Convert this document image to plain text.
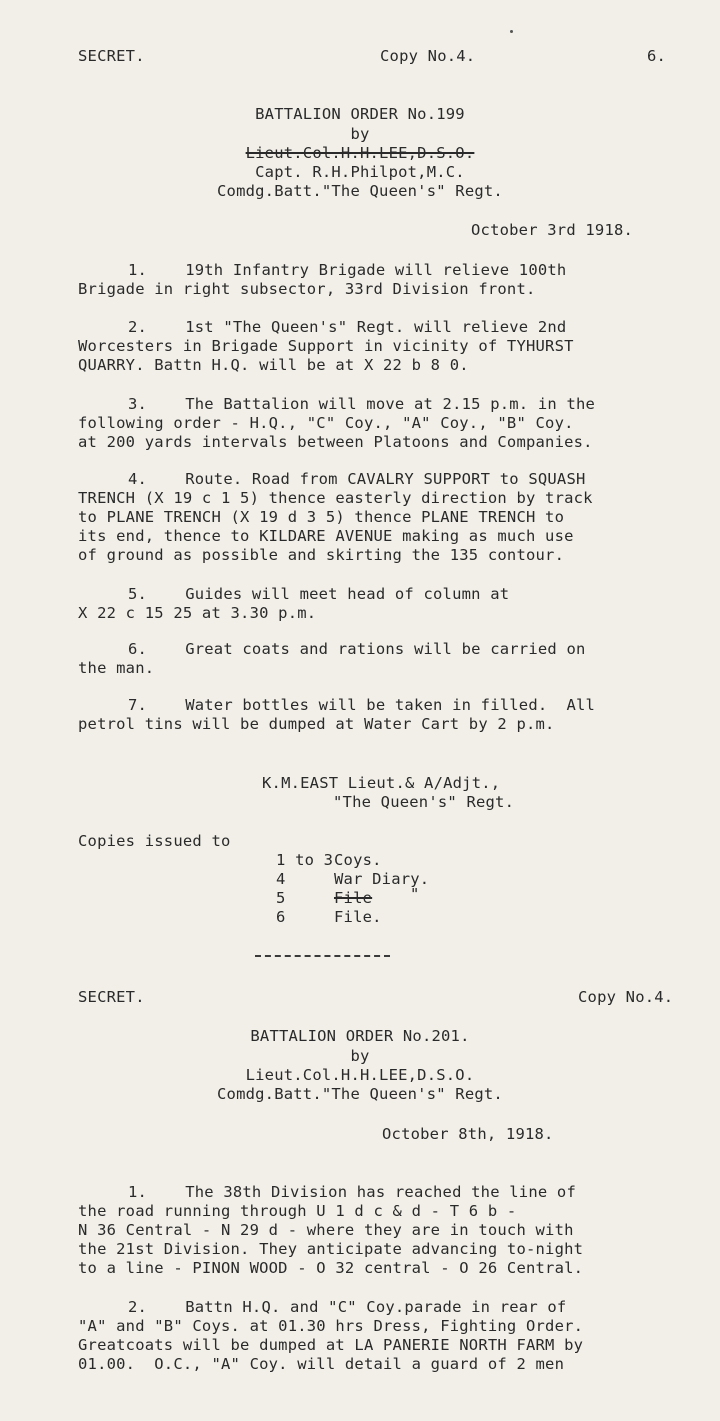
SECRET.	Copy No.4.	6.
BATTALION ORDER No.199
by
Lieut.Col.H.H.LEE,D.S.O.
Capt. R.H.Philpot,M.C.
Comdg.Batt."The Queen's" Regt.
October 3rd 1918.
1.    19th Infantry Brigade will relieve 100th
Brigade in right subsector, 33rd Division front.
2.    1st "The Queen's" Regt. will relieve 2nd
Worcesters in Brigade Support in vicinity of TYHURST
QUARRY. Battn H.Q. will be at X 22 b 8 0.
3.    The Battalion will move at 2.15 p.m. in the
following order - H.Q., "C" Coy., "A" Coy., "B" Coy.
at 200 yards intervals between Platoons and Companies.
4.    Route. Road from CAVALRY SUPPORT to SQUASH
TRENCH (X 19 c 1 5) thence easterly direction by track
to PLANE TRENCH (X 19 d 3 5) thence PLANE TRENCH to
its end, thence to KILDARE AVENUE making as much use
of ground as possible and skirting the 135 contour.
5.    Guides will meet head of column at
X 22 c 15 25 at 3.30 p.m.
6.    Great coats and rations will be carried on
the man.
7.    Water bottles will be taken in filled.  All
petrol tins will be dumped at Water Cart by 2 p.m.
K.M.EAST Lieut.& A/Adjt.,
"The Queen's" Regt.
Copies issued to
1 to 3 Coys.
4	War Diary.
5	File "
6	File.
SECRET.	Copy No.4.
BATTALION ORDER No.201.
by
Lieut.Col.H.H.LEE,D.S.O.
Comdg.Batt."The Queen's" Regt.
October 8th, 1918.
1.    The 38th Division has reached the line of
the road running through U 1 d c & d - T 6 b -
N 36 Central - N 29 d - where they are in touch with
the 21st Division. They anticipate advancing to-night
to a line - PINON WOOD - O 32 central - O 26 Central.
2.    Battn H.Q. and "C" Coy.parade in rear of
"A" and "B" Coys. at 01.30 hrs Dress, Fighting Order.
Greatcoats will be dumped at LA PANERIE NORTH FARM by
01.00.  O.C., "A" Coy. will detail a guard of 2 men
